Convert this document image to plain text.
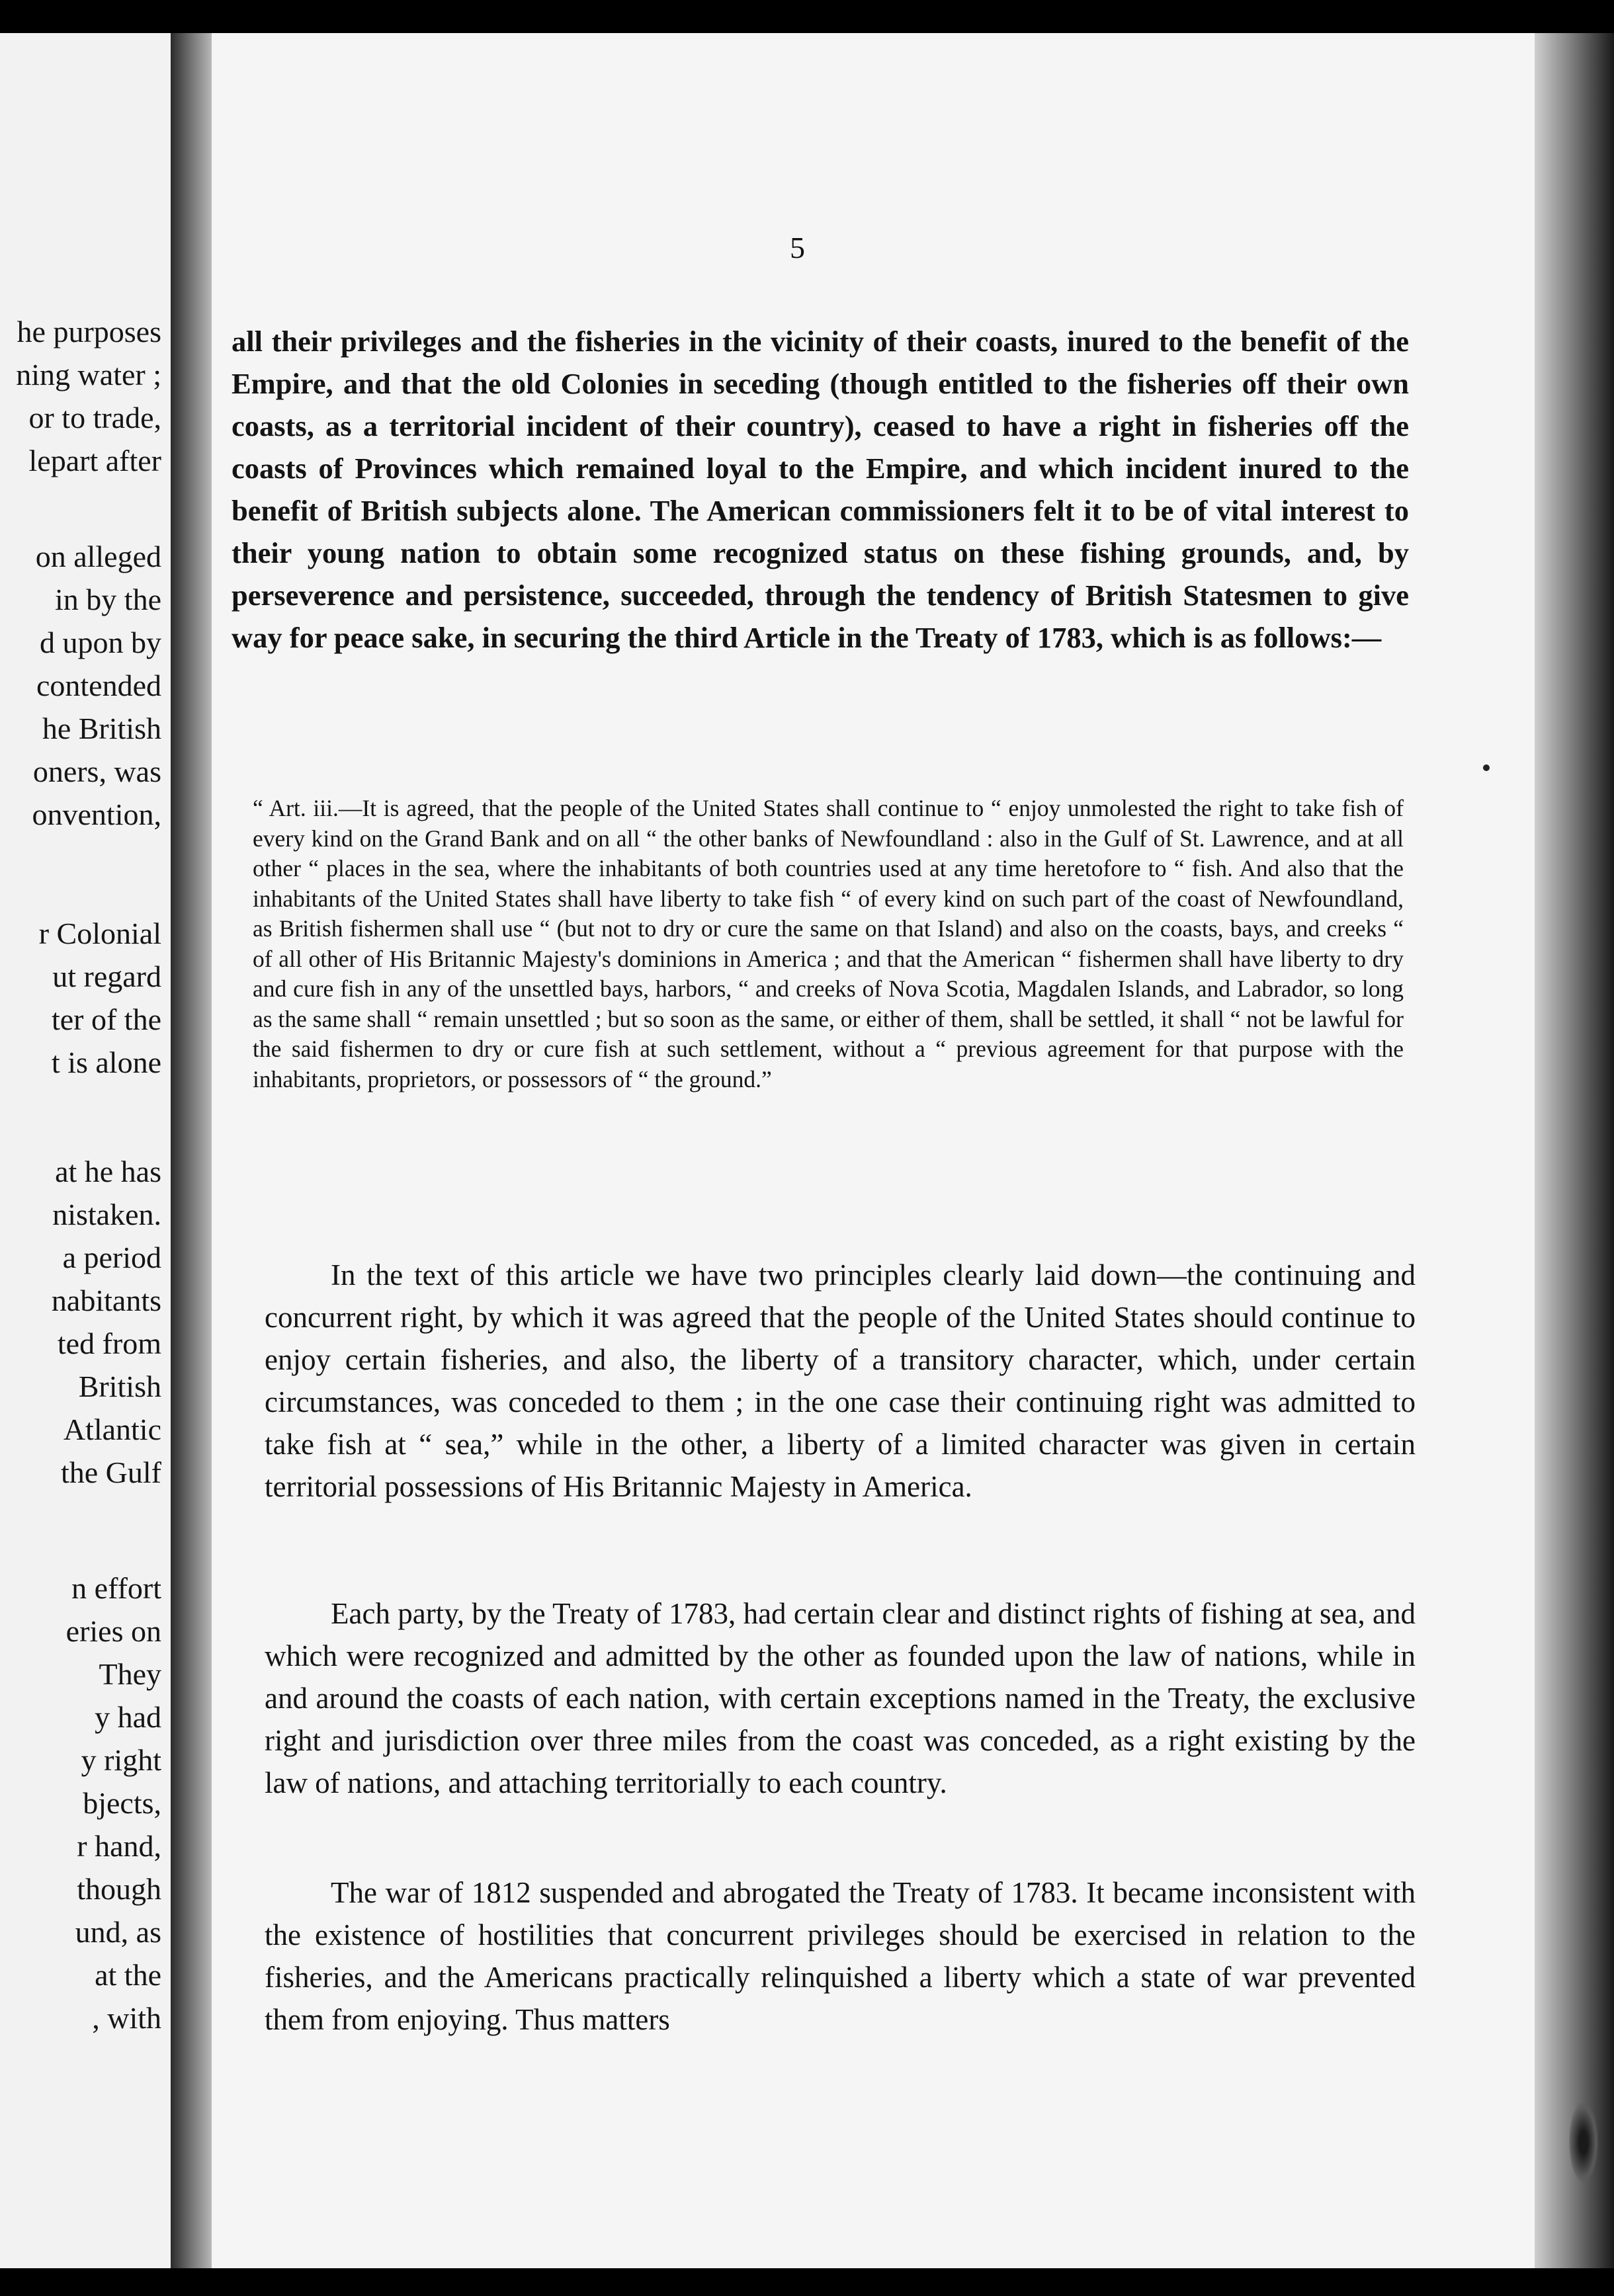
he purposes
ning water ;
or to trade,
lepart after
on alleged
in by the
d upon by
contended
he British
oners, was
onvention,
r Colonial
ut regard
ter of the
t is alone
at he has
nistaken.
a period
nabitants
ted from
British
Atlantic
the Gulf
n effort
eries on
They
y had
y right
bjects,
r hand,
though
und, as
at the
, with
5

all their privileges and the fisheries in the vicinity of their coasts, inured to the benefit of the Empire, and that the old Colonies in seceding (though entitled to the fisheries off their own coasts, as a territorial incident of their country), ceased to have a right in fisheries off the coasts of Provinces which remained loyal to the Empire, and which incident inured to the benefit of British subjects alone. The American commissioners felt it to be of vital interest to their young nation to obtain some recognized status on these fishing grounds, and, by perseverence and persistence, succeeded, through the tendency of British Statesmen to give way for peace sake, in securing the third Article in the Treaty of 1783, which is as follows:—

“ Art. iii.—It is agreed, that the people of the United States shall continue to “ enjoy unmolested the right to take fish of every kind on the Grand Bank and on all “ the other banks of Newfoundland : also in the Gulf of St. Lawrence, and at all other “ places in the sea, where the inhabitants of both countries used at any time heretofore to “ fish. And also that the inhabitants of the United States shall have liberty to take fish “ of every kind on such part of the coast of Newfoundland, as British fishermen shall use “ (but not to dry or cure the same on that Island) and also on the coasts, bays, and creeks “ of all other of His Britannic Majesty's dominions in America ; and that the American “ fishermen shall have liberty to dry and cure fish in any of the unsettled bays, harbors, “ and creeks of Nova Scotia, Magdalen Islands, and Labrador, so long as the same shall “ remain unsettled ; but so soon as the same, or either of them, shall be settled, it shall “ not be lawful for the said fishermen to dry or cure fish at such settlement, without a “ previous agreement for that purpose with the inhabitants, proprietors, or possessors of “ the ground.”

In the text of this article we have two principles clearly laid down—the continuing and concurrent right, by which it was agreed that the people of the United States should continue to enjoy certain fisheries, and also, the liberty of a transitory character, which, under certain circumstances, was conceded to them ; in the one case their continuing right was admitted to take fish at “ sea,” while in the other, a liberty of a limited character was given in certain territorial possessions of His Britannic Majesty in America.

Each party, by the Treaty of 1783, had certain clear and distinct rights of fishing at sea, and which were recognized and admitted by the other as founded upon the law of nations, while in and around the coasts of each nation, with certain exceptions named in the Treaty, the exclusive right and jurisdiction over three miles from the coast was conceded, as a right existing by the law of nations, and attaching territorially to each country.

The war of 1812 suspended and abrogated the Treaty of 1783. It became inconsistent with the existence of hostilities that concurrent privileges should be exercised in relation to the fisheries, and the Americans practically relinquished a liberty which a state of war prevented them from enjoying. Thus matters
